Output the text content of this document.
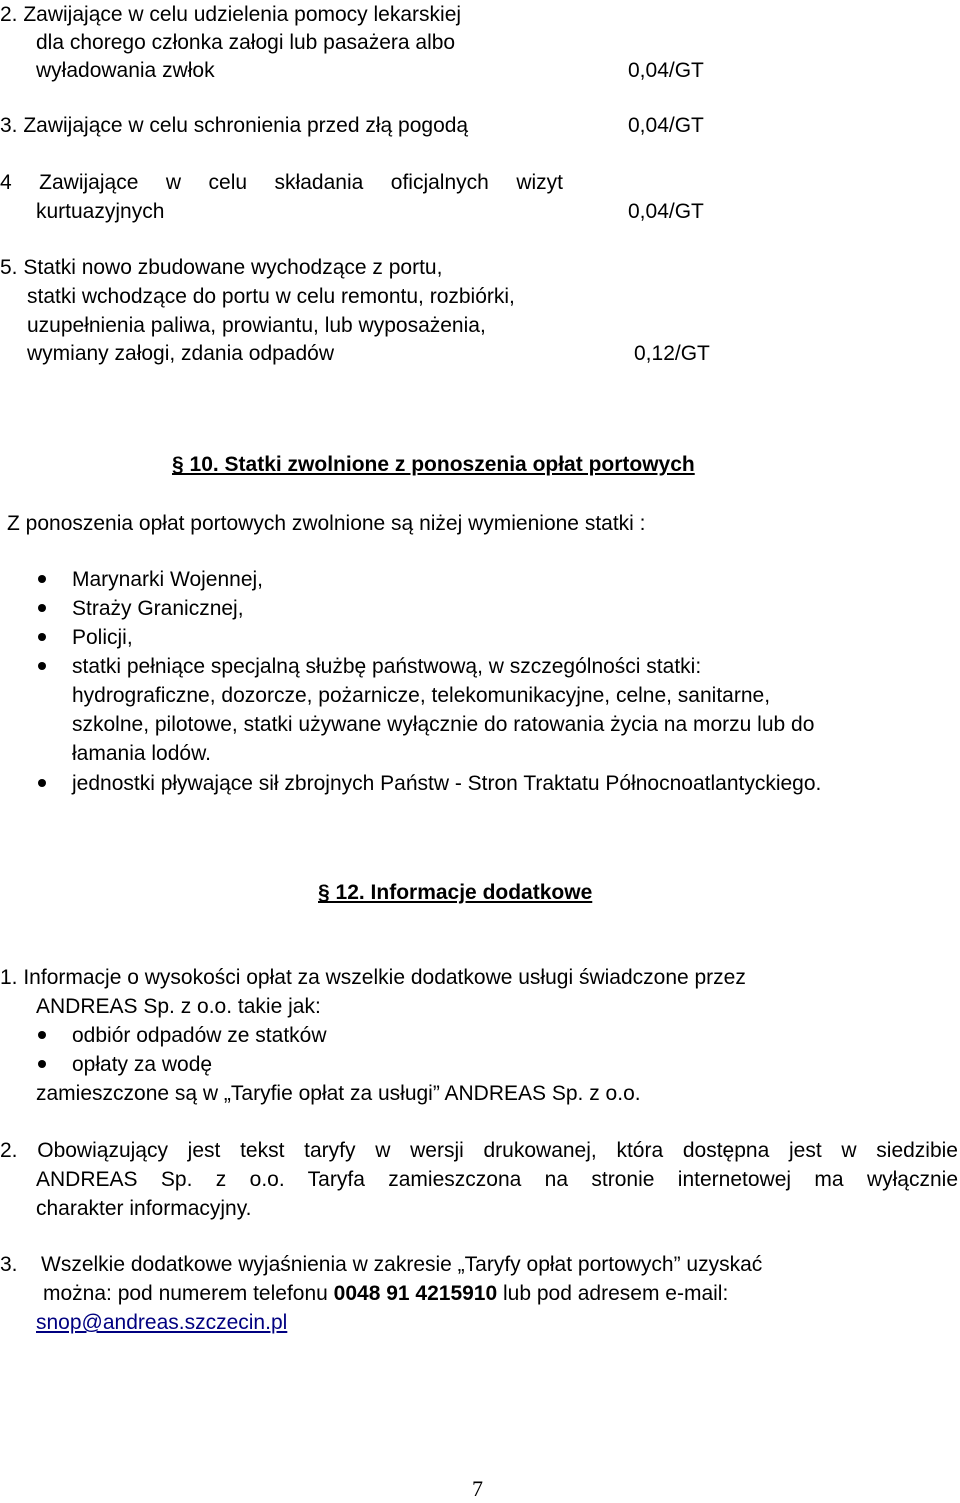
2. Zawijające w celu udzielenia pomocy lekarskiej
dla chorego członka załogi lub pasażera albo
wyładowania zwłok	0,04/GT
3. Zawijające w celu schronienia przed złą pogodą	0,04/GT
4 Zawijające w celu składania oficjalnych wizyt
kurtuazyjnych	0,04/GT
5. Statki nowo zbudowane wychodzące z portu,
statki wchodzące do portu w celu remontu, rozbiórki,
uzupełnienia paliwa, prowiantu, lub wyposażenia,
wymiany załogi, zdania odpadów	0,12/GT
§ 10. Statki zwolnione z ponoszenia opłat portowych
Z ponoszenia opłat portowych zwolnione są niżej wymienione statki :
Marynarki Wojennej,
Straży Granicznej,
Policji,
statki pełniące specjalną służbę państwową, w szczególności statki:
hydrograficzne, dozorcze, pożarnicze, telekomunikacyjne, celne, sanitarne,
szkolne, pilotowe, statki używane wyłącznie do ratowania życia na morzu lub do
łamania lodów.
jednostki pływające sił zbrojnych Państw - Stron Traktatu Północnoatlantyckiego.
§ 12. Informacje dodatkowe
1. Informacje o wysokości opłat za wszelkie dodatkowe usługi świadczone przez
ANDREAS Sp. z o.o. takie jak:
odbiór odpadów ze statków
opłaty za wodę
zamieszczone są w „Taryfie opłat za usługi” ANDREAS Sp. z o.o.
2. Obowiązujący jest tekst taryfy w wersji drukowanej, która dostępna jest w siedzibie
ANDREAS Sp. z o.o. Taryfa zamieszczona na stronie internetowej ma wyłącznie
charakter informacyjny.
3. Wszelkie dodatkowe wyjaśnienia w zakresie „Taryfy opłat portowych” uzyskać
można: pod numerem telefonu 0048 91 4215910 lub pod adresem e-mail:
snop@andreas.szczecin.pl
7
